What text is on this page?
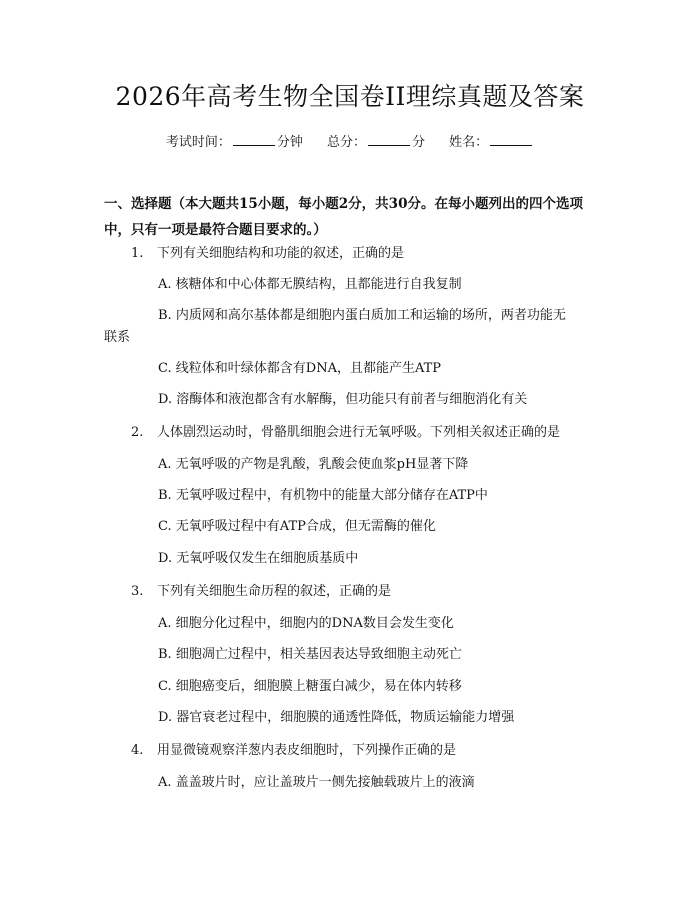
2026年高考生物全国卷II理综真题及答案
考试时间：	分钟 总分：	分 姓名：
一、选择题（本大题共15小题，每小题2分，共30分。在每小题列出的四个选项中，只有一项是最符合题目要求的。）
1. 下列有关细胞结构和功能的叙述，正确的是
A. 核糖体和中心体都无膜结构，且都能进行自我复制
B. 内质网和高尔基体都是细胞内蛋白质加工和运输的场所，两者功能无
联系
C. 线粒体和叶绿体都含有DNA，且都能产生ATP
D. 溶酶体和液泡都含有水解酶，但功能只有前者与细胞消化有关
2. 人体剧烈运动时，骨骼肌细胞会进行无氧呼吸。下列相关叙述正确的是
A. 无氧呼吸的产物是乳酸，乳酸会使血浆pH显著下降
B. 无氧呼吸过程中，有机物中的能量大部分储存在ATP中
C. 无氧呼吸过程中有ATP合成，但无需酶的催化
D. 无氧呼吸仅发生在细胞质基质中
3. 下列有关细胞生命历程的叙述，正确的是
A. 细胞分化过程中，细胞内的DNA数目会发生变化
B. 细胞凋亡过程中，相关基因表达导致细胞主动死亡
C. 细胞癌变后，细胞膜上糖蛋白减少，易在体内转移
D. 器官衰老过程中，细胞膜的通透性降低，物质运输能力增强
4. 用显微镜观察洋葱内表皮细胞时，下列操作正确的是
A. 盖盖玻片时，应让盖玻片一侧先接触载玻片上的液滴
